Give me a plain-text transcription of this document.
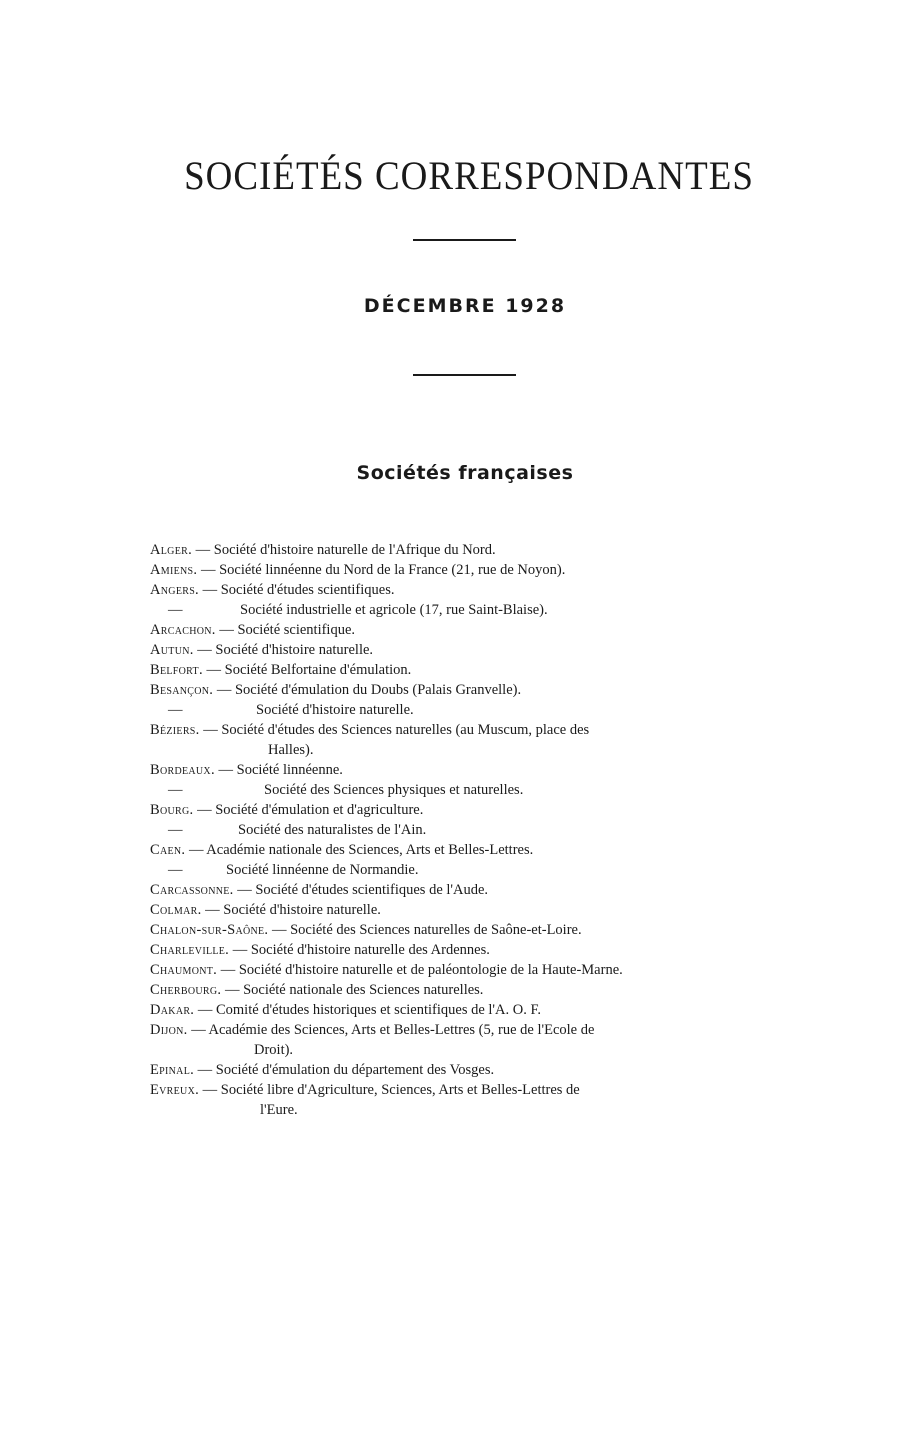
SOCIÉTÉS CORRESPONDANTES
DÉCEMBRE 1928
Sociétés françaises
Alger. — Société d'histoire naturelle de l'Afrique du Nord.
Amiens. — Société linnéenne du Nord de la France (21, rue de Noyon).
Angers. — Société d'études scientifiques.
—	Société industrielle et agricole (17, rue Saint-Blaise).
Arcachon. — Société scientifique.
Autun. — Société d'histoire naturelle.
Belfort. — Société Belfortaine d'émulation.
Besançon. — Société d'émulation du Doubs (Palais Granvelle).
—	Société d'histoire naturelle.
Béziers. — Société d'études des Sciences naturelles (au Muscum, place des
Halles).
Bordeaux. — Société linnéenne.
—	Société des Sciences physiques et naturelles.
Bourg. — Société d'émulation et d'agriculture.
—	Société des naturalistes de l'Ain.
Caen. — Académie nationale des Sciences, Arts et Belles-Lettres.
—	Société linnéenne de Normandie.
Carcassonne. — Société d'études scientifiques de l'Aude.
Colmar. — Société d'histoire naturelle.
Chalon-sur-Saône. — Société des Sciences naturelles de Saône-et-Loire.
Charleville. — Société d'histoire naturelle des Ardennes.
Chaumont. — Société d'histoire naturelle et de paléontologie de la Haute-Marne.
Cherbourg. — Société nationale des Sciences naturelles.
Dakar. — Comité d'études historiques et scientifiques de l'A. O. F.
Dijon. — Académie des Sciences, Arts et Belles-Lettres (5, rue de l'Ecole de
Droit).
Epinal. — Société d'émulation du département des Vosges.
Evreux. — Société libre d'Agriculture, Sciences, Arts et Belles-Lettres de
l'Eure.
